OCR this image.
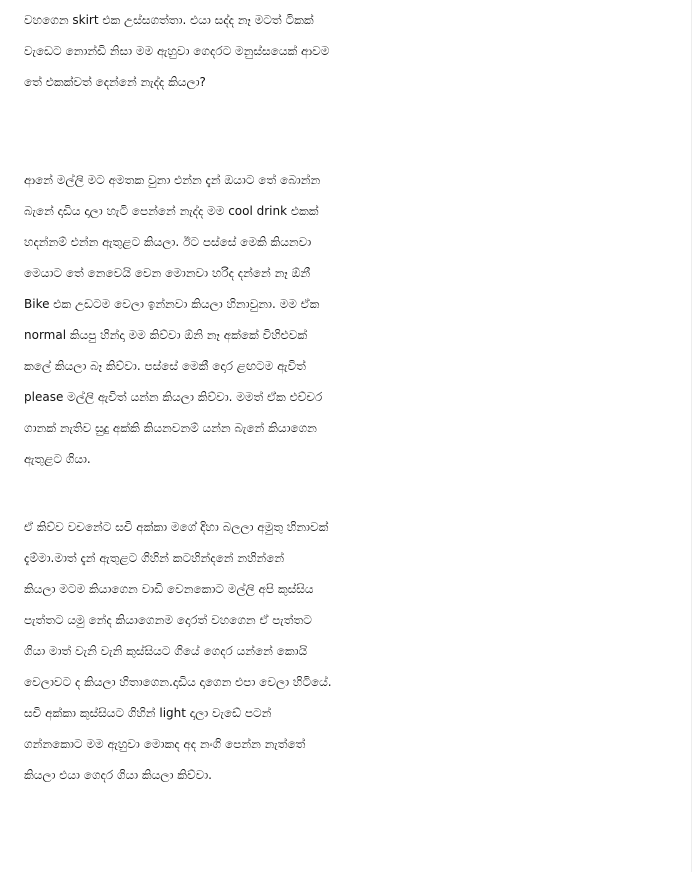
වහගෙන skirt එක උස්සගත්තා. එයා සද්ද නෑ මටත් ටිකක්
වැඩෙට නොන්ඩි නිසා මම ඇහුවා ගෙදරට මනුස්සයෙක් ආවම
තේ එකක්වත් දෙන්නේ නැද්ද කියලා?
ආනේ මල්ලි මට අමතක වුනා එන්න දැන් ඔයාට තේ බොන්න
බැනේ දාඩිය දාලා හැටි පෙන්නේ නැද්ද මම cool drink එකක්
හදන්නම් එන්න ඇතුළට කියලා. ඊට පස්සේ මෙකි කියනවා
මෙයාට තේ නෙවෙයි වෙන මොනවා හරිද දන්නේ නෑ ඕනී
Bike එක උඩටම වෙලා ඉන්නවා කියලා හිනාවුනා. මම ඒක
normal කියපු හින්දා මම කිව්වා ඕනි නෑ අක්කේ විහිළුවක්
කලේ කියලා බෑ කිව්වා. පස්සේ මෙකී දොර ළඟටම ඇවිත්
please මල්ලි ඇවිත් යන්න කියලා කිව්වා. මමත් ඒක එච්චර
ගානක් නැතිව සුදු අක්කි කියනවනම් යන්න බැනේ කියාගෙන
ඇතුළට ගියා.
ඒ කිව්ව වචනේට සචි අක්කා මගේ දිහා බලලා අමුතු හිනාවක්
දැම්මා.මාත් දැන් ඇතුළට ගිහින් කටහින්දනේ නහින්නේ
කියලා මටම කියාගෙන වාඩි වෙනකොට මල්ලි අපි කුස්සිය
පැත්තට යමු නේද කියාගෙනම දොරත් වහගෙන ඒ පැත්තට
ගියා මාත් වැනි වැනි කුස්සියට ගියේ ගෙදර යන්නේ කොයි
වෙලාවට ද කියලා හිතාගෙන.දාඩිය දාගෙන එපා වෙලා හිටියේ.
සචි අක්කා කුස්සියට ගිහින් light දාලා වැඩේ පටන්
ගන්නකොට මම ඇහුවා මොකද අද නංගි පෙන්න නැත්තේ
කියලා එයා ගෙදර ගියා කියලා කිව්වා.
